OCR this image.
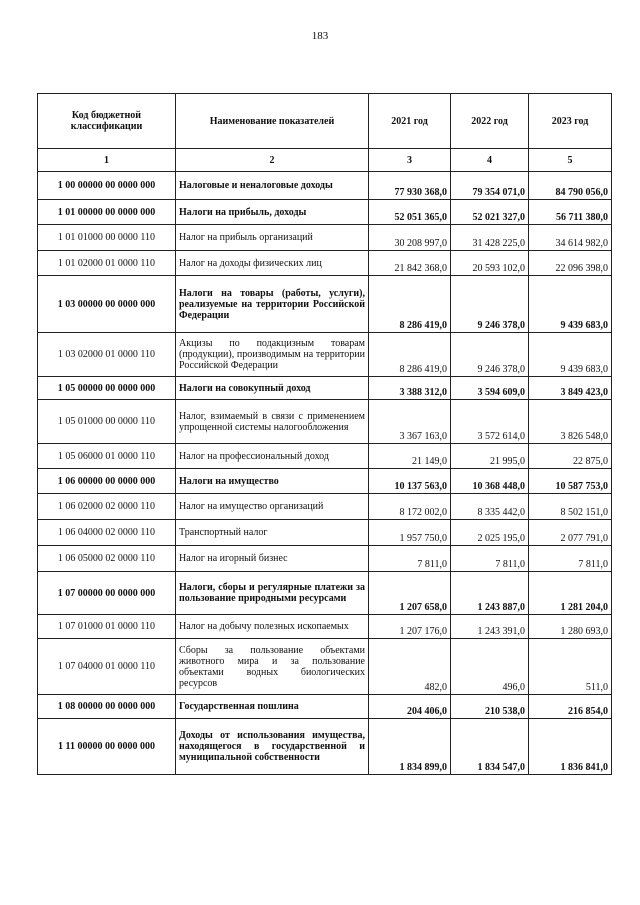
183
Код бюджетной классификации	Наименование показателей	2021 год	2022 год	2023 год
1	2	3	4	5
1 00 00000 00 0000 000	Налоговые и неналоговые доходы	77 930 368,0	79 354 071,0	84 790 056,0
1 01 00000 00 0000 000	Налоги на прибыль, доходы	52 051 365,0	52 021 327,0	56 711 380,0
1 01 01000 00 0000 110	Налог на прибыль организаций	30 208 997,0	31 428 225,0	34 614 982,0
1 01 02000 01 0000 110	Налог на доходы физических лиц	21 842 368,0	20 593 102,0	22 096 398,0
1 03 00000 00 0000 000	Налоги на товары (работы, услуги), реализуемые на территории Российской Федерации	8 286 419,0	9 246 378,0	9 439 683,0
1 03 02000 01 0000 110	Акцизы по подакцизным товарам (продукции), производимым на территории Российской Федерации	8 286 419,0	9 246 378,0	9 439 683,0
1 05 00000 00 0000 000	Налоги на совокупный доход	3 388 312,0	3 594 609,0	3 849 423,0
1 05 01000 00 0000 110	Налог, взимаемый в связи с применением упрощенной системы налогообложения	3 367 163,0	3 572 614,0	3 826 548,0
1 05 06000 01 0000 110	Налог на профессиональный доход	21 149,0	21 995,0	22 875,0
1 06 00000 00 0000 000	Налоги на имущество	10 137 563,0	10 368 448,0	10 587 753,0
1 06 02000 02 0000 110	Налог на имущество организаций	8 172 002,0	8 335 442,0	8 502 151,0
1 06 04000 02 0000 110	Транспортный налог	1 957 750,0	2 025 195,0	2 077 791,0
1 06 05000 02 0000 110	Налог на игорный бизнес	7 811,0	7 811,0	7 811,0
1 07 00000 00 0000 000	Налоги, сборы и регулярные платежи за пользование природными ресурсами	1 207 658,0	1 243 887,0	1 281 204,0
1 07 01000 01 0000 110	Налог на добычу полезных ископаемых	1 207 176,0	1 243 391,0	1 280 693,0
1 07 04000 01 0000 110	Сборы за пользование объектами животного мира и за пользование объектами водных биологических ресурсов	482,0	496,0	511,0
1 08 00000 00 0000 000	Государственная пошлина	204 406,0	210 538,0	216 854,0
1 11 00000 00 0000 000	Доходы от использования имущества, находящегося в государственной и муниципальной собственности	1 834 899,0	1 834 547,0	1 836 841,0
